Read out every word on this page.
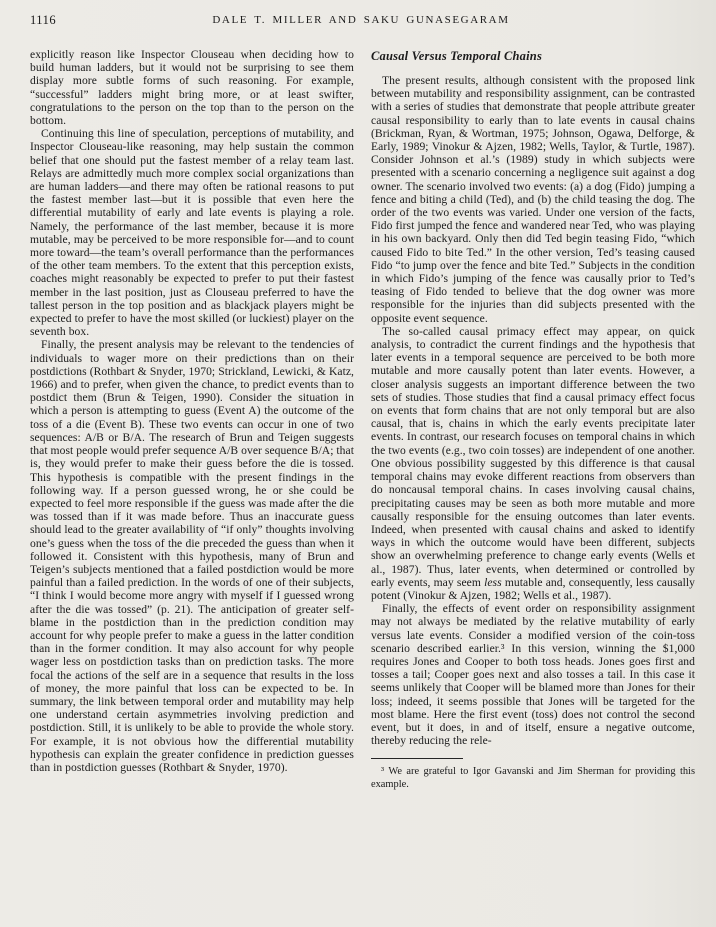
1116	DALE T. MILLER AND SAKU GUNASEGARAM

explicitly reason like Inspector Clouseau when deciding how to build human ladders, but it would not be surprising to see them display more subtle forms of such reasoning. For example, “successful” ladders might bring more, or at least swifter, congratulations to the person on the top than to the person on the bottom.

Continuing this line of speculation, perceptions of mutability, and Inspector Clouseau-like reasoning, may help sustain the common belief that one should put the fastest member of a relay team last. Relays are admittedly much more complex social organizations than are human ladders—and there may often be rational reasons to put the fastest member last—but it is possible that even here the differential mutability of early and late events is playing a role. Namely, the performance of the last member, because it is more mutable, may be perceived to be more responsible for—and to count more toward—the team’s overall performance than the performances of the other team members. To the extent that this perception exists, coaches might reasonably be expected to prefer to put their fastest member in the last position, just as Clouseau preferred to have the tallest person in the top position and as blackjack players might be expected to prefer to have the most skilled (or luckiest) player on the seventh box.

Finally, the present analysis may be relevant to the tendencies of individuals to wager more on their predictions than on their postdictions (Rothbart & Snyder, 1970; Strickland, Lewicki, & Katz, 1966) and to prefer, when given the chance, to predict events than to postdict them (Brun & Teigen, 1990). Consider the situation in which a person is attempting to guess (Event A) the outcome of the toss of a die (Event B). These two events can occur in one of two sequences: A/B or B/A. The research of Brun and Teigen suggests that most people would prefer sequence A/B over sequence B/A; that is, they would prefer to make their guess before the die is tossed. This hypothesis is compatible with the present findings in the following way. If a person guessed wrong, he or she could be expected to feel more responsible if the guess was made after the die was tossed than if it was made before. Thus an inaccurate guess should lead to the greater availability of “if only” thoughts involving one’s guess when the toss of the die preceded the guess than when it followed it. Consistent with this hypothesis, many of Brun and Teigen’s subjects mentioned that a failed postdiction would be more painful than a failed prediction. In the words of one of their subjects, “I think I would become more angry with myself if I guessed wrong after the die was tossed” (p. 21). The anticipation of greater self-blame in the postdiction than in the prediction condition may account for why people prefer to make a guess in the latter condition than in the former condition. It may also account for why people wager less on postdiction tasks than on prediction tasks. The more focal the actions of the self are in a sequence that results in the loss of money, the more painful that loss can be expected to be. In summary, the link between temporal order and mutability may help one understand certain asymmetries involving prediction and postdiction. Still, it is unlikely to be able to provide the whole story. For example, it is not obvious how the differential mutability hypothesis can explain the greater confidence in prediction guesses than in postdiction guesses (Rothbart & Snyder, 1970).

Causal Versus Temporal Chains

The present results, although consistent with the proposed link between mutability and responsibility assignment, can be contrasted with a series of studies that demonstrate that people attribute greater causal responsibility to early than to late events in causal chains (Brickman, Ryan, & Wortman, 1975; Johnson, Ogawa, Delforge, & Early, 1989; Vinokur & Ajzen, 1982; Wells, Taylor, & Turtle, 1987). Consider Johnson et al.’s (1989) study in which subjects were presented with a scenario concerning a negligence suit against a dog owner. The scenario involved two events: (a) a dog (Fido) jumping a fence and biting a child (Ted), and (b) the child teasing the dog. The order of the two events was varied. Under one version of the facts, Fido first jumped the fence and wandered near Ted, who was playing in his own backyard. Only then did Ted begin teasing Fido, “which caused Fido to bite Ted.” In the other version, Ted’s teasing caused Fido “to jump over the fence and bite Ted.” Subjects in the condition in which Fido’s jumping of the fence was causally prior to Ted’s teasing of Fido tended to believe that the dog owner was more responsible for the injuries than did subjects presented with the opposite event sequence.

The so-called causal primacy effect may appear, on quick analysis, to contradict the current findings and the hypothesis that later events in a temporal sequence are perceived to be both more mutable and more causally potent than later events. However, a closer analysis suggests an important difference between the two sets of studies. Those studies that find a causal primacy effect focus on events that form chains that are not only temporal but are also causal, that is, chains in which the early events precipitate later events. In contrast, our research focuses on temporal chains in which the two events (e.g., two coin tosses) are independent of one another. One obvious possibility suggested by this difference is that causal temporal chains may evoke different reactions from observers than do noncausal temporal chains. In cases involving causal chains, precipitating causes may be seen as both more mutable and more causally responsible for the ensuing outcomes than later events. Indeed, when presented with causal chains and asked to identify ways in which the outcome would have been different, subjects show an overwhelming preference to change early events (Wells et al., 1987). Thus, later events, when determined or controlled by early events, may seem less mutable and, consequently, less causally potent (Vinokur & Ajzen, 1982; Wells et al., 1987).

Finally, the effects of event order on responsibility assignment may not always be mediated by the relative mutability of early versus late events. Consider a modified version of the coin-toss scenario described earlier.³ In this version, winning the $1,000 requires Jones and Cooper to both toss heads. Jones goes first and tosses a tail; Cooper goes next and also tosses a tail. In this case it seems unlikely that Cooper will be blamed more than Jones for their loss; indeed, it seems possible that Jones will be targeted for the most blame. Here the first event (toss) does not control the second event, but it does, in and of itself, ensure a negative outcome, thereby reducing the rele-

³ We are grateful to Igor Gavanski and Jim Sherman for providing this example.
